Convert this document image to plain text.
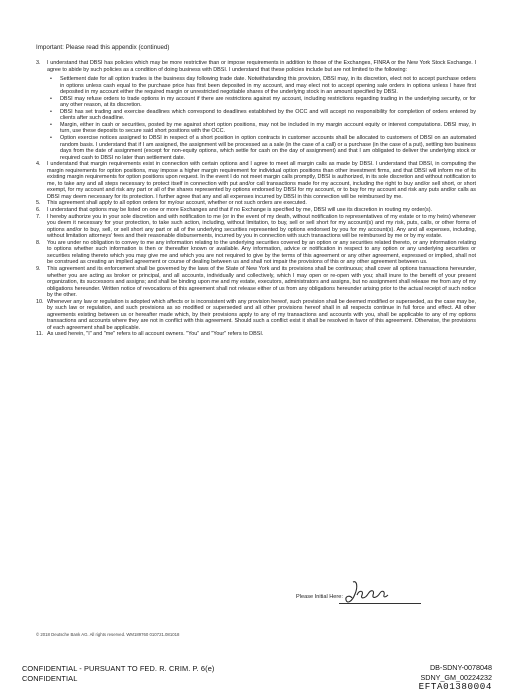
Important: Please read this appendix (continued)
3. I understand that DBSI has policies which may be more restrictive than or impose requirements in addition to those of the Exchanges, FINRA or the New York Stock Exchange. I agree to abide by such policies as a condition of doing business with DBSI. I understand that these policies include but are not limited to the following:
• Settlement date for all option trades is the business day following trade date. Notwithstanding this provision, DBSI may, in its discretion, elect not to accept purchase orders in options unless cash equal to the purchase price has first been deposited in my account, and may elect not to accept opening sale orders in options unless I have first deposited in my account either the required margin or unrestricted negotiable shares of the underlying stock in an amount specified by DBSI.
• DBSI may refuse orders to trade options in my account if there are restrictions against my account, including restrictions regarding trading in the underlying security, or for any other reason, at its discretion.
• DBSI has set trading and exercise deadlines which correspond to deadlines established by the OCC and will accept no responsibility for completion of orders entered by clients after such deadline.
• Margin, either in cash or securities, posted by me against short option positions, may not be included in my margin account equity or interest computations. DBSI may, in turn, use these deposits to secure said short positions with the OCC.
• Option exercise notices assigned to DBSI in respect of a short position in option contracts in customer accounts shall be allocated to customers of DBSI on an automated random basis. I understand that if I am assigned, the assignment will be processed as a sale (in the case of a call) or a purchase (in the case of a put), settling two business days from the date of assignment (except for non-equity options, which settle for cash on the day of assignment) and that I am obligated to deliver the underlying stock or required cash to DBSI no later than settlement date.
4. I understand that margin requirements exist in connection with certain options and I agree to meet all margin calls as made by DBSI. I understand that DBSI, in computing the margin requirements for option positions, may impose a higher margin requirement for individual option positions than other investment firms, and that DBSI will inform me of its existing margin requirements for option positions upon request. In the event I do not meet margin calls promptly, DBSI is authorized, in its sole discretion and without notification to me, to take any and all steps necessary to protect itself in connection with put and/or call transactions made for my account, including the right to buy and/or sell short, or short exempt, for my account and risk any part or all of the shares represented by options endorsed by DBSI for my account, or to buy for my account and risk any puts and/or calls as DBSI may deem necessary for its protection. I further agree that any and all expenses incurred by DBSI in this connection will be reimbursed by me.
5. This agreement shall apply to all option orders for my/our account, whether or not such orders are executed.
6. I understand that options may be listed on one or more Exchanges and that if no Exchange is specified by me, DBSI will use its discretion in routing my order(s).
7. I hereby authorize you in your sole discretion and with notification to me (or in the event of my death, without notification to representatives of my estate or to my heirs) whenever you deem it necessary for your protection, to take such action, including, without limitation, to buy, sell or sell short for my account(s) and my risk, puts, calls, or other forms of options and/or to buy, sell, or sell short any part or all of the underlying securities represented by options endorsed by you for my account(s). Any and all expenses, including, without limitation attorneys' fees and their reasonable disbursements, incurred by you in connection with such transactions will be reimbursed by me or by my estate.
8. You are under no obligation to convey to me any information relating to the underlying securities covered by an option or any securities related thereto, or any information relating to options whether such information is then or thereafter known or available. Any information, advice or notification in respect to any option or any underlying securities or securities relating thereto which you may give me and which you are not required to give by the terms of this agreement or any other agreement, expressed or implied, shall not be construed as creating an implied agreement or course of dealing between us and shall not impair the provisions of this or any other agreement between us.
9. This agreement and its enforcement shall be governed by the laws of the State of New York and its provisions shall be continuous; shall cover all options transactions hereunder, whether you are acting as broker or principal, and all accounts, individually and collectively, which I may open or re-open with you; shall inure to the benefit of your present organization, its successors and assigns; and shall be binding upon me and my estate, executors, administrators and assigns, but no assignment shall release me from any of my obligations hereunder. Written notice of revocations of this agreement shall not release either of us from any obligations hereunder arising prior to the actual receipt of such notice by the other.
10. Whenever any law or regulation is adopted which affects or is inconsistent with any provision hereof, such provision shall be deemed modified or superseded, as the case may be, by such law or regulation, and such provisions as so modified or superseded and all other provisions hereof shall in all respects continue in full force and effect. All other agreements existing between us or hereafter made which, by their provisions apply to any of my transactions and accounts with you, shall be applicable to any of my options transactions and accounts where they are not in conflict with this agreement. Should such a conflict exist it shall be resolved in favor of this agreement. Otherwise, the provisions of each agreement shall be applicable.
11. As used herein, "I" and "me" refers to all account owners. "You" and "Your" refers to DBSI.
Please Initial Here:
© 2018 Deutsche Bank AG. All rights reserved. WM189760 010721.081018
CONFIDENTIAL - PURSUANT TO FED. R. CRIM. P. 6(e)
CONFIDENTIAL
DB-SDNY-0078048
SDNY_GM_00224232
EFTA01380004
